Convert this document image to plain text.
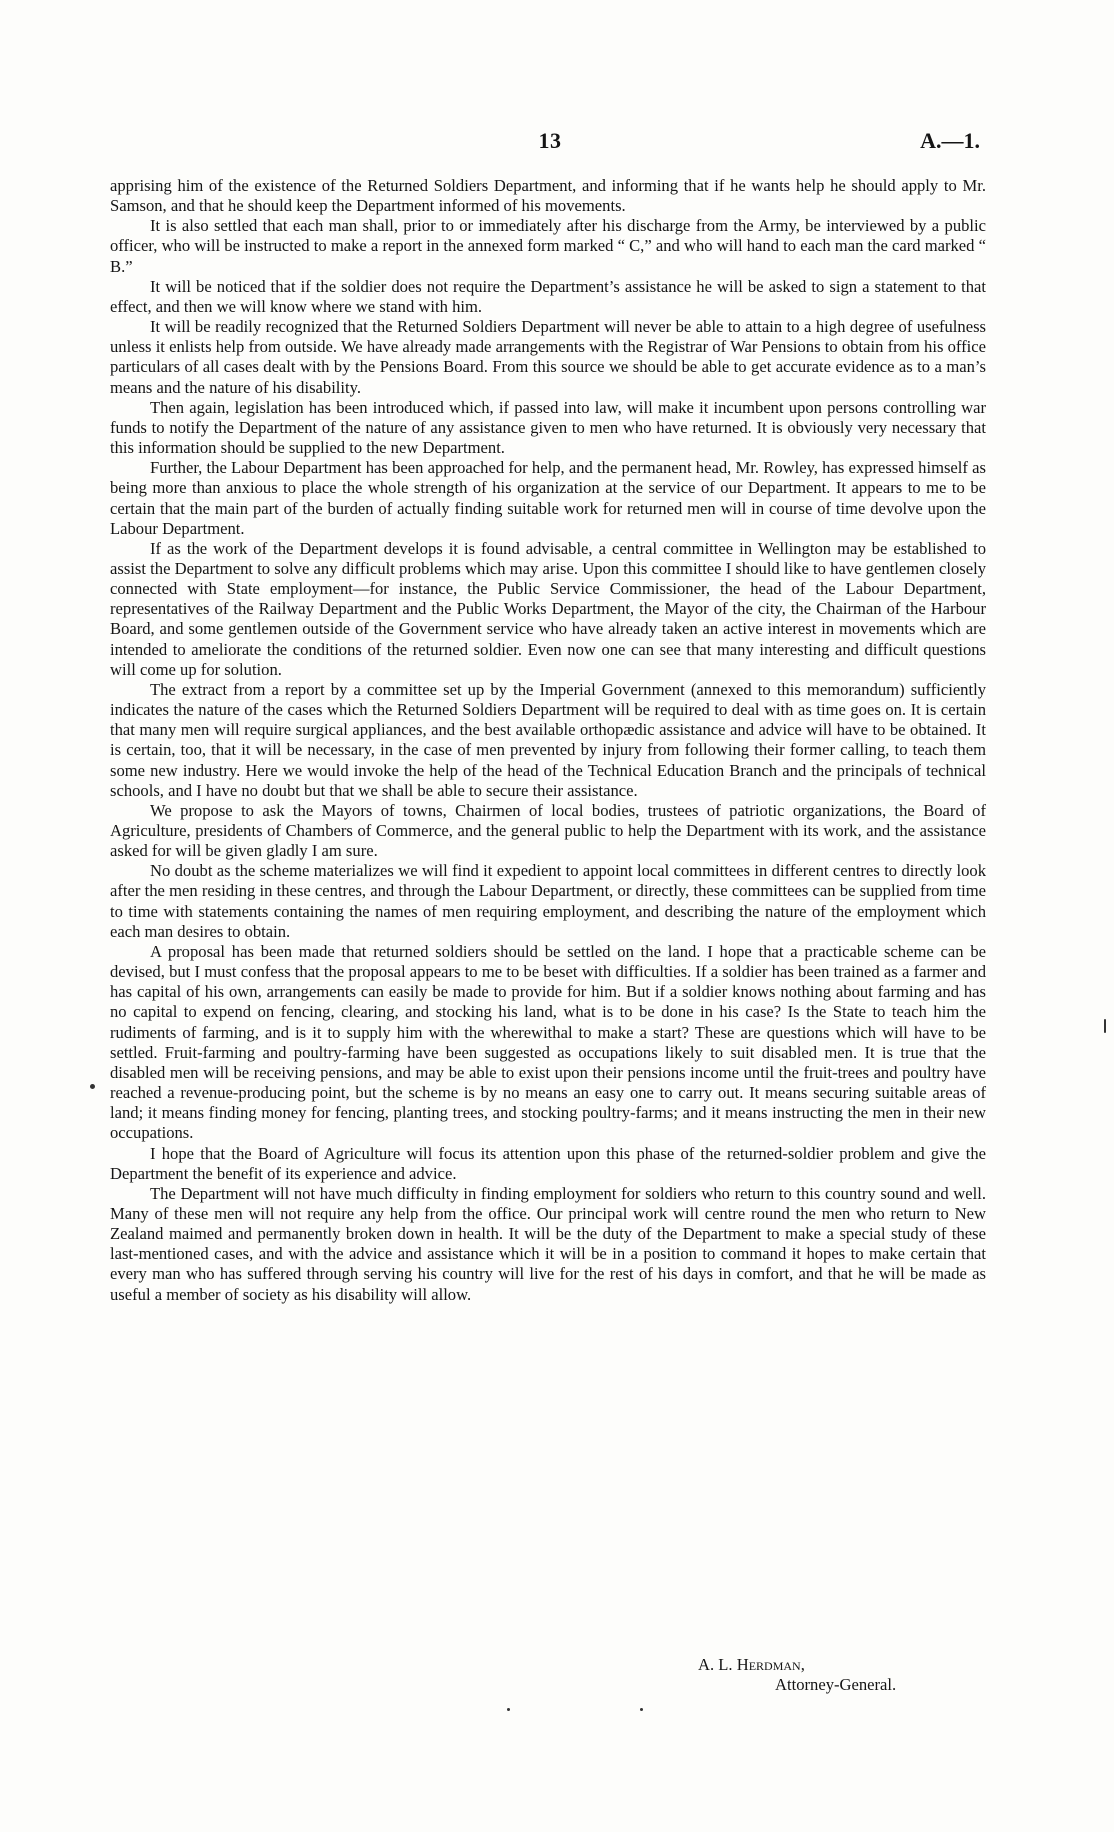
13	A.—1.

apprising him of the existence of the Returned Soldiers Department, and informing that if he wants help he should apply to Mr. Samson, and that he should keep the Department informed of his movements.

It is also settled that each man shall, prior to or immediately after his discharge from the Army, be interviewed by a public officer, who will be instructed to make a report in the annexed form marked “ C,” and who will hand to each man the card marked “ B.”

It will be noticed that if the soldier does not require the Department’s assistance he will be asked to sign a statement to that effect, and then we will know where we stand with him.

It will be readily recognized that the Returned Soldiers Department will never be able to attain to a high degree of usefulness unless it enlists help from outside. We have already made arrangements with the Registrar of War Pensions to obtain from his office particulars of all cases dealt with by the Pensions Board. From this source we should be able to get accurate evidence as to a man’s means and the nature of his disability.

Then again, legislation has been introduced which, if passed into law, will make it incumbent upon persons controlling war funds to notify the Department of the nature of any assistance given to men who have returned. It is obviously very necessary that this information should be supplied to the new Department.

Further, the Labour Department has been approached for help, and the permanent head, Mr. Rowley, has expressed himself as being more than anxious to place the whole strength of his organization at the service of our Department. It appears to me to be certain that the main part of the burden of actually finding suitable work for returned men will in course of time devolve upon the Labour Department.

If as the work of the Department develops it is found advisable, a central committee in Wellington may be established to assist the Department to solve any difficult problems which may arise. Upon this committee I should like to have gentlemen closely connected with State employment—for instance, the Public Service Commissioner, the head of the Labour Department, representatives of the Railway Department and the Public Works Department, the Mayor of the city, the Chairman of the Harbour Board, and some gentlemen outside of the Government service who have already taken an active interest in movements which are intended to ameliorate the conditions of the returned soldier. Even now one can see that many interesting and difficult questions will come up for solution.

The extract from a report by a committee set up by the Imperial Government (annexed to this memorandum) sufficiently indicates the nature of the cases which the Returned Soldiers Department will be required to deal with as time goes on. It is certain that many men will require surgical appliances, and the best available orthopædic assistance and advice will have to be obtained. It is certain, too, that it will be necessary, in the case of men prevented by injury from following their former calling, to teach them some new industry. Here we would invoke the help of the head of the Technical Education Branch and the principals of technical schools, and I have no doubt but that we shall be able to secure their assistance.

We propose to ask the Mayors of towns, Chairmen of local bodies, trustees of patriotic organizations, the Board of Agriculture, presidents of Chambers of Commerce, and the general public to help the Department with its work, and the assistance asked for will be given gladly I am sure.

No doubt as the scheme materializes we will find it expedient to appoint local committees in different centres to directly look after the men residing in these centres, and through the Labour Department, or directly, these committees can be supplied from time to time with statements containing the names of men requiring employment, and describing the nature of the employment which each man desires to obtain.

A proposal has been made that returned soldiers should be settled on the land. I hope that a practicable scheme can be devised, but I must confess that the proposal appears to me to be beset with difficulties. If a soldier has been trained as a farmer and has capital of his own, arrangements can easily be made to provide for him. But if a soldier knows nothing about farming and has no capital to expend on fencing, clearing, and stocking his land, what is to be done in his case? Is the State to teach him the rudiments of farming, and is it to supply him with the wherewithal to make a start? These are questions which will have to be settled. Fruit-farming and poultry-farming have been suggested as occupations likely to suit disabled men. It is true that the disabled men will be receiving pensions, and may be able to exist upon their pensions income until the fruit-trees and poultry have reached a revenue-producing point, but the scheme is by no means an easy one to carry out. It means securing suitable areas of land; it means finding money for fencing, planting trees, and stocking poultry-farms; and it means instructing the men in their new occupations.

I hope that the Board of Agriculture will focus its attention upon this phase of the returned-soldier problem and give the Department the benefit of its experience and advice.

The Department will not have much difficulty in finding employment for soldiers who return to this country sound and well. Many of these men will not require any help from the office. Our principal work will centre round the men who return to New Zealand maimed and permanently broken down in health. It will be the duty of the Department to make a special study of these last-mentioned cases, and with the advice and assistance which it will be in a position to command it hopes to make certain that every man who has suffered through serving his country will live for the rest of his days in comfort, and that he will be made as useful a member of society as his disability will allow.

A. L. Herdman,
Attorney-General.
